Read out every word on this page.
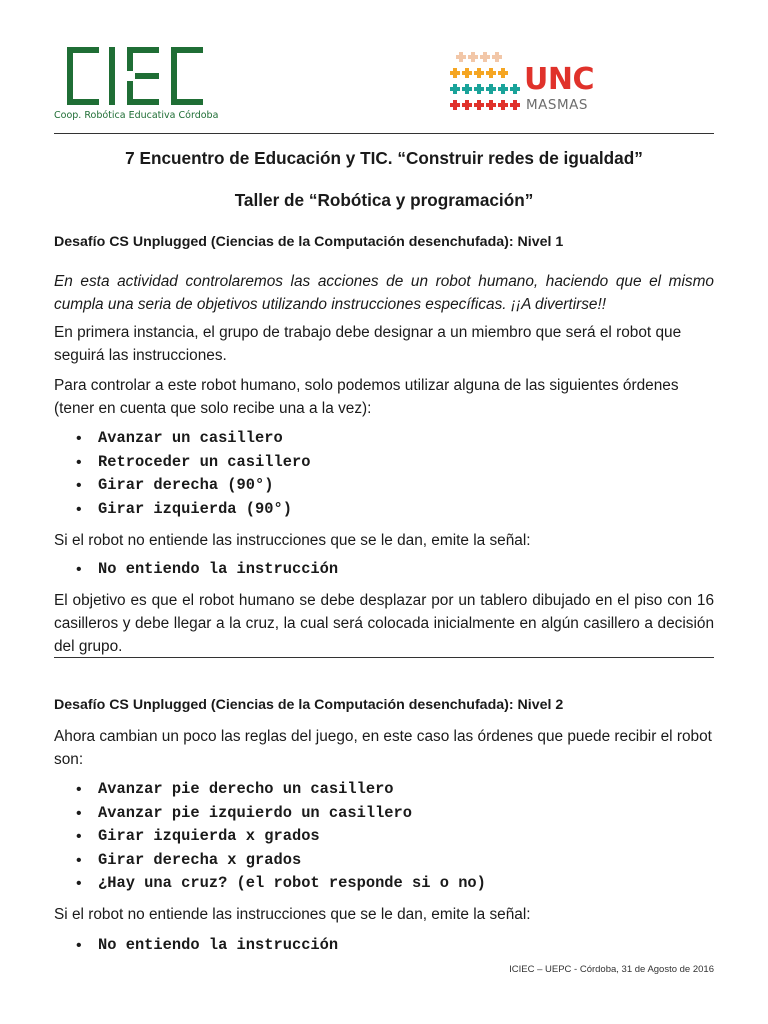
Coop. Robótica Educativa Córdoba
UNC
MASMAS
7 Encuentro de Educación y TIC. “Construir redes de igualdad”
Taller de “Robótica y programación”
Desafío CS Unplugged (Ciencias de la Computación desenchufada): Nivel 1
En esta actividad controlaremos las acciones de un robot humano, haciendo que el mismo cumpla una seria de objetivos utilizando instrucciones específicas. ¡¡A divertirse!!
En primera instancia, el grupo de trabajo debe designar a un miembro que será el robot que seguirá las instrucciones.
Para controlar a este robot humano, solo podemos utilizar alguna de las siguientes órdenes (tener en cuenta que solo recibe una a la vez):
• Avanzar un casillero
• Retroceder un casillero
• Girar derecha (90°)
• Girar izquierda (90°)
Si el robot no entiende las instrucciones que se le dan, emite la señal:
• No entiendo la instrucción
El objetivo es que el robot humano se debe desplazar por un tablero dibujado en el piso con 16 casilleros y debe llegar a la cruz, la cual será colocada inicialmente en algún casillero a decisión del grupo.
Desafío CS Unplugged (Ciencias de la Computación desenchufada): Nivel 2
Ahora cambian un poco las reglas del juego, en este caso las órdenes que puede recibir el robot son:
• Avanzar pie derecho un casillero
• Avanzar pie izquierdo un casillero
• Girar izquierda x grados
• Girar derecha x grados
• ¿Hay una cruz? (el robot responde si o no)
Si el robot no entiende las instrucciones que se le dan, emite la señal:
• No entiendo la instrucción
ICIEC – UEPC - Córdoba, 31 de Agosto de 2016
